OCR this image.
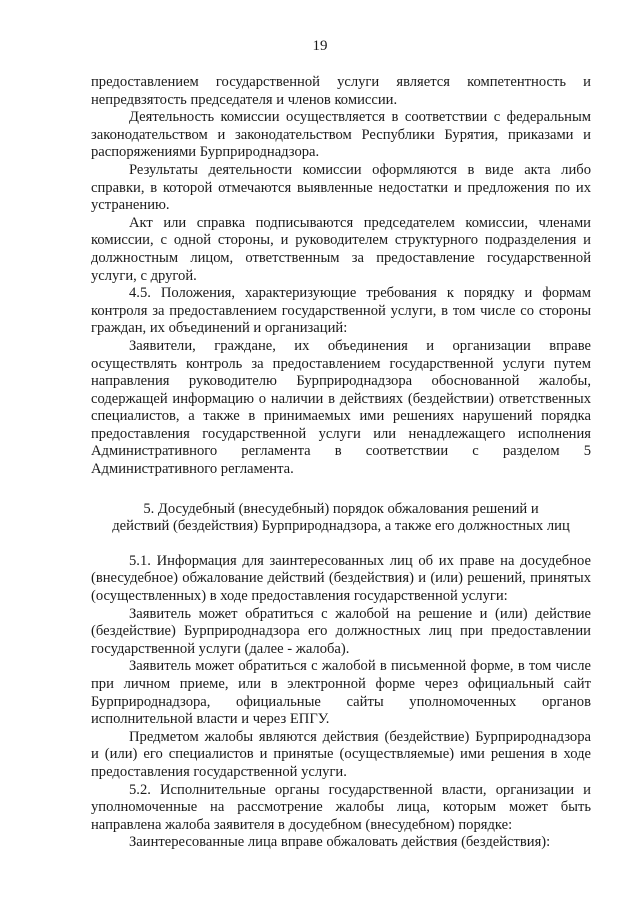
19

предоставлением государственной услуги является компетентность и непредвзятость председателя и членов комиссии.

Деятельность комиссии осуществляется в соответствии с федеральным законодательством и законодательством Республики Бурятия, приказами и распоряжениями Бурприроднадзора.

Результаты деятельности комиссии оформляются в виде акта либо справки, в которой отмечаются выявленные недостатки и предложения по их устранению.

Акт или справка подписываются председателем комиссии, членами комиссии, с одной стороны, и руководителем структурного подразделения и должностным лицом, ответственным за предоставление государственной услуги, с другой.

4.5. Положения, характеризующие требования к порядку и формам контроля за предоставлением государственной услуги, в том числе со стороны граждан, их объединений и организаций:

Заявители, граждане, их объединения и организации вправе осуществлять контроль за предоставлением государственной услуги путем направления руководителю Бурприроднадзора обоснованной жалобы, содержащей информацию о наличии в действиях (бездействии) ответственных специалистов, а также в принимаемых ими решениях нарушений порядка предоставления государственной услуги или ненадлежащего исполнения Административного регламента в соответствии с разделом 5

Административного регламента.

5. Досудебный (внесудебный) порядок обжалования решений и
действий (бездействия) Бурприроднадзора, а также его должностных лиц

5.1. Информация для заинтересованных лиц об их праве на досудебное (внесудебное) обжалование действий (бездействия) и (или) решений, принятых (осуществленных) в ходе предоставления государственной услуги:

Заявитель может обратиться с жалобой на решение и (или) действие (бездействие) Бурприроднадзора его должностных лиц при предоставлении государственной услуги (далее - жалоба).

Заявитель может обратиться с жалобой в письменной форме, в том числе при личном приеме, или в электронной форме через официальный сайт Бурприроднадзора, официальные сайты уполномоченных органов исполнительной власти и через ЕПГУ.

Предметом жалобы являются действия (бездействие) Бурприроднадзора и (или) его специалистов и принятые (осуществляемые) ими решения в ходе предоставления государственной услуги.

5.2. Исполнительные органы государственной власти, организации и уполномоченные на рассмотрение жалобы лица, которым может быть направлена жалоба заявителя в досудебном (внесудебном) порядке:

Заинтересованные лица вправе обжаловать действия (бездействия):
